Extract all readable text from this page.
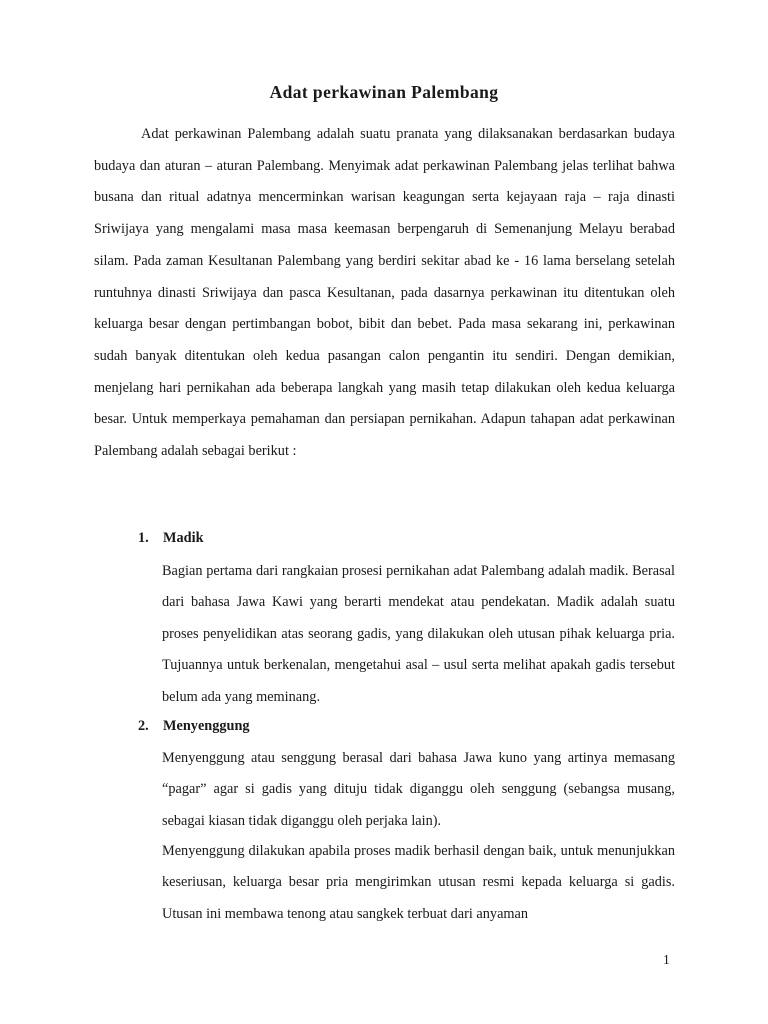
Adat perkawinan Palembang

Adat perkawinan Palembang adalah suatu pranata yang dilaksanakan berdasarkan budaya budaya dan aturan – aturan Palembang. Menyimak adat perkawinan Palembang jelas terlihat bahwa busana dan ritual adatnya mencerminkan warisan keagungan serta kejayaan raja – raja dinasti Sriwijaya yang mengalami masa masa keemasan berpengaruh di Semenanjung Melayu berabad silam. Pada zaman Kesultanan Palembang yang berdiri sekitar abad ke - 16 lama berselang setelah runtuhnya dinasti Sriwijaya dan pasca Kesultanan, pada dasarnya perkawinan itu ditentukan oleh keluarga besar dengan pertimbangan bobot, bibit dan bebet. Pada masa sekarang ini, perkawinan sudah banyak ditentukan oleh kedua pasangan calon pengantin itu sendiri. Dengan demikian, menjelang hari pernikahan ada beberapa langkah yang masih tetap dilakukan oleh kedua keluarga besar. Untuk memperkaya pemahaman dan persiapan pernikahan. Adapun tahapan adat perkawinan Palembang adalah sebagai berikut :

1. Madik

Bagian pertama dari rangkaian prosesi pernikahan adat Palembang adalah madik. Berasal dari bahasa Jawa Kawi yang berarti mendekat atau pendekatan. Madik adalah suatu proses penyelidikan atas seorang gadis, yang dilakukan oleh utusan pihak keluarga pria. Tujuannya untuk berkenalan, mengetahui asal – usul serta melihat apakah gadis tersebut belum ada yang meminang.

2. Menyenggung

Menyenggung atau senggung berasal dari bahasa Jawa kuno yang artinya memasang “pagar” agar si gadis yang dituju tidak diganggu oleh senggung (sebangsa musang, sebagai kiasan tidak diganggu oleh perjaka lain).

Menyenggung dilakukan apabila proses madik berhasil dengan baik, untuk menunjukkan keseriusan, keluarga besar pria mengirimkan utusan resmi kepada keluarga si gadis. Utusan ini membawa tenong atau sangkek terbuat dari anyaman

1
